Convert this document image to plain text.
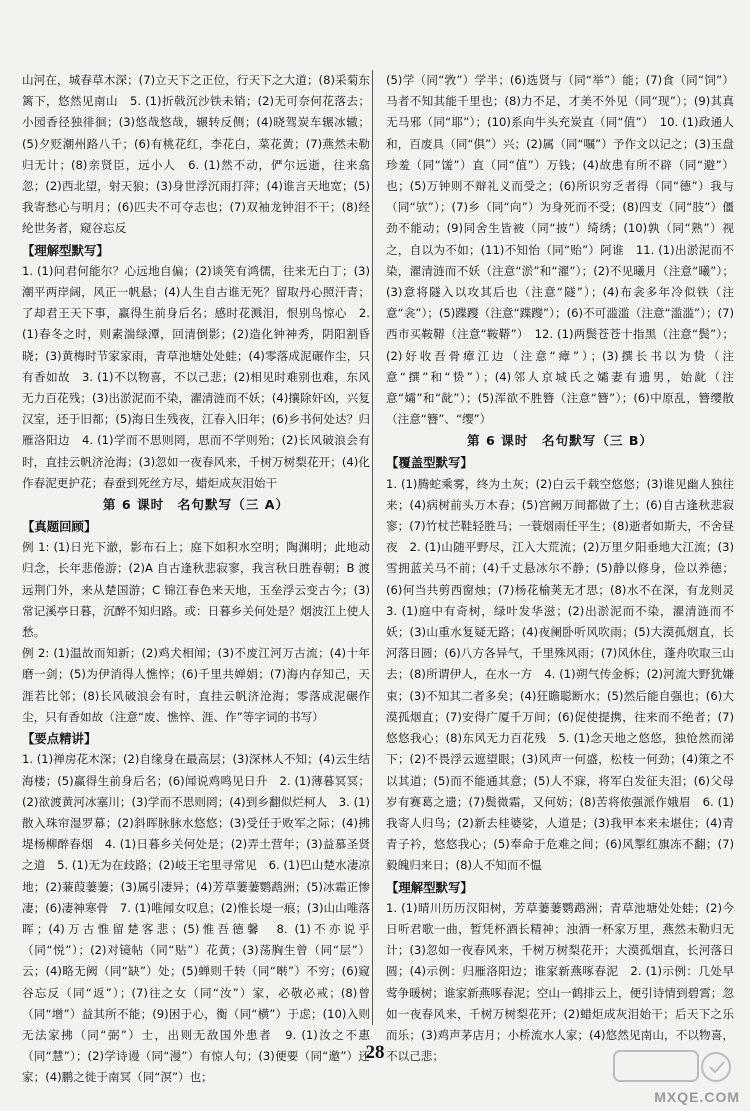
山河在，城春草木深；(7)立天下之正位，行天下之大道；(8)采菊东篱下，悠然见南山　5. (1)折戟沉沙铁未销；(2)无可奈何花落去；小园香径独徘徊；(3)悠哉悠哉，辗转反侧；(4)晓驾炭车辗冰辙；(5)夕贬潮州路八千；(6)有桃花红，李花白，菜花黄；(7)燕然未勒归无计；(8)亲贤臣，远小人　6. (1)然不动，俨尔远逝，往来翕忽；(2)西北望，射天狼；(3)身世浮沉雨打萍；(4)谁言天地宽；(5)我寄愁心与明月；(6)匹夫不可夺志也；(7)双袖龙钟泪不干；(8)经纶世务者，窥谷忘反

【理解型默写】

1. (1)问君何能尔？心远地自偏；(2)谈笑有鸿儒，往来无白丁；(3)潮平两岸阔，风正一帆悬；(4)人生自古谁无死？留取丹心照汗青；了却君王天下事，赢得生前身后名；感时花溅泪，恨别鸟惊心　2. (1)春冬之时，则素湍绿潭，回清倒影；(2)造化钟神秀，阴阳割昏晓；(3)黄梅时节家家雨，青草池塘处处蛙；(4)零落成泥碾作尘，只有香如故　3. (1)不以物喜，不以己悲；(2)相见时难别也难，东风无力百花残；(3)出淤泥而不染，濯清涟而不妖；(4)攘除奸凶，兴复汉室，还于旧都；(5)海日生残夜，江春入旧年；(6)乡书何处达？归雁洛阳边　4. (1)学而不思则罔，思而不学则殆；(2)长风破浪会有时，直挂云帆济沧海；(3)忽如一夜春风来，千树万树梨花开；(4)化作春泥更护花；春蚕到死丝方尽，蜡炬成灰泪始干

第 6 课时　名句默写（三 A）

【真题回顾】

例 1: (1)日光下澈，影布石上；庭下如积水空明；陶渊明；此地动归念，长年悲倦游；(2)A 自古逢秋悲寂寥，我言秋日胜春朝；B 渡远荆门外，来从楚国游；C 锦江春色来天地，玉垒浮云变古今；(3)常记溪亭日暮，沉醉不知归路。或：日暮乡关何处是？烟波江上使人愁。

例 2: (1)温故而知新；(2)鸡犬相闻；(3)不废江河万古流；(4)十年磨一剑；(5)为伊消得人憔悴；(6)千里共婵娟；(7)海内存知己，天涯若比邻；(8)长风破浪会有时，直挂云帆济沧海；零落成泥碾作尘，只有香如故（注意“废、憔悴、涯、作”等字词的书写）

【要点精讲】

1. (1)禅房花木深；(2)自缘身在最高层；(3)深林人不知；(4)云生结海楼；(5)赢得生前身后名；(6)闻说鸡鸣见日升　2. (1)薄暮冥冥；(2)欲渡黄河冰塞川；(3)学而不思则罔；(4)到乡翻似烂柯人　3. (1)散入珠帘湿罗幕；(2)斜晖脉脉水悠悠；(3)受任于败军之际；(4)拂堤杨柳醉春烟　4. (1)日暮乡关何处是；(2)弄土营年；(3)益慕圣贤之道　5. (1)无为在歧路；(2)岐王宅里寻常见　6. (1)巴山楚水凄凉地；(2)蒹葭萋萋；(3)属引凄异；(4)芳草萋萋鹦鹉洲；(5)冰霜正惨凄；(6)凄神寒骨　7. (1)唯闻女叹息；(2)惟长堤一痕；(3)山山唯落晖；(4)万古惟留楚客悲；(5)惟吾德馨　8. (1)不亦说乎（同“悦”）；(2)对镜帖（同“贴”）花黄；(3)荡胸生曾（同“层”）云；(4)略无阙（同“缺”）处；(5)蝉则千转（同“啭”）不穷；(6)窥谷忘反（同“返”）；(7)往之女（同“汝”）家，必敬必戒；(8)曾（同“增”）益其所不能；(9)困于心，衡（同“横”）于虑；(10)入则无法家拂（同“弼”）士，出则无敌国外患者　9. (1)汝之不惠（同“慧”）；(2)学诗谩（同“漫”）有惊人句；(3)便要（同“邀”）还家；(4)鹏之徙于南冥（同“溟”）也；

(5)学（同“敩”）学半；(6)选贤与（同“举”）能；(7)食（同“饲”）马者不知其能千里也；(8)力不足，才美不外见（同“现”）；(9)其真无马邪（同“耶”）；(10)系向牛头充炭直（同“值”）　10. (1)政通人和，百废具（同“俱”）兴；(2)属（同“嘱”）予作文以记之；(3)玉盘珍羞（同“馐”）直（同“值”）万钱；(4)故患有所不辟（同“避”）也；(5)万钟则不辩礼义而受之；(6)所识穷乏者得（同“德”）我与（同“欤”）；(7)乡（同“向”）为身死而不受；(8)四支（同“肢”）僵劲不能动；(9)同舍生皆被（同“披”）绮绣；(10)孰（同“熟”）视之，自以为不如；(11)不知怡（同“贻”）阿谁　11. (1)出淤泥而不染，濯清涟而不妖（注意“淤”和“濯”）；(2)不见曦月（注意“曦”）；(3)意将隧入以攻其后也（注意“隧”）；(4)布衾多年冷似铁（注意“衾”）；(5)蹀躞（注意“蹀躞”）；(6)不可滥滥（注意“滥滥”）；(7)西市买鞍鞯（注意“鞍鞯”）　12. (1)两鬓苍苍十指黑（注意“鬓”）；(2)好收吾骨瘴江边（注意“瘴”）；(3)撰长书以为贽（注意“撰”和“贽”）；(4)邻人京城氏之孀妻有遗男，始龀（注意“孀”和“龀”）；(5)浑欲不胜簪（注意“簪”）；(6)中原乱，簪缨散（注意“簪”、“缨”）

第 6 课时　名句默写（三 B）

【覆盖型默写】

1. (1)腾蛇乘雾，终为土灰；(2)白云千载空悠悠；(3)谁见幽人独往来；(4)病树前头万木春；(5)宫阙万间都做了土；(6)自古逢秋悲寂寥；(7)竹杖芒鞋轻胜马；一蓑烟雨任平生；(8)逝者如斯夫，不舍昼夜　2. (1)山随平野尽，江入大荒流；(2)万里夕阳垂地大江流；(3)雪拥蓝关马不前；(4)千丈悬冰尔不静；(5)静以修身，俭以养德；(6)何当共剪西窗烛；(7)杨花榆荚无才思；(8)水不在深，有龙则灵　3. (1)庭中有奇树，绿叶发华滋；(2)出淤泥而不染，濯清涟而不妖；(3)山重水复疑无路；(4)夜阑卧听风吹雨；(5)大漠孤烟直，长河落日圆；(6)八方各异气，千里殊风雨；(7)风休住，蓬舟吹取三山去；(8)所谓伊人，在水一方　4. (1)朔气传金柝；(2)河流大野犹嫌束；(3)不知其二者多矣；(4)狂瞻聪断水；(5)然后能自强也；(6)大漠孤烟直；(7)安得广厦千万间；(6)促使提携，往来而不绝者；(7)悠悠我心；(8)东风无力百花残　5. (1)念天地之悠悠，独怆然而涕下；(2)不畏浮云遮望眼；(3)风声一何盛，松枝一何劲；(4)策之不以其道；(5)而不能通其意；(5)人不寐，将军白发征夫泪；(6)父母岁有赛葛之遗；(7)鬓微霜，又何妨；(8)苦将侬强派作娥眉　6. (1)我寄人归鸟；(2)新去桂婆娑，人道是；(3)我甲本来未堪住；(4)青青子衿，悠悠我心；(5)奉命于危难之间；(6)风掣红旗冻不翻；(7)毅魄归来日；(8)人不知而不愠

【理解型默写】

1. (1)晴川历历汉阳树，芳草萋萋鹦鹉洲；青草池塘处处蛙；(2)今日听君歌一曲，暂凭杯酒长精神；浊酒一杯家万里，燕然未勒归无计；(3)忽如一夜春风来，千树万树梨花开；大漠孤烟直，长河落日圆；(4)示例：归雁洛阳边；谁家新燕啄春泥　2. (1)示例：几处早莺争暖树；谁家新燕啄春泥；空山一鹤排云上，便引诗情到碧霄；忽如一夜春风来，千树万树梨花开；(2)蜡炬成灰泪始干；后天下之乐而乐；(3)鸡声茅店月；小桥流水人家；(4)悠然见南山，不以物喜，不以己悲；

28
MXQE.COM
